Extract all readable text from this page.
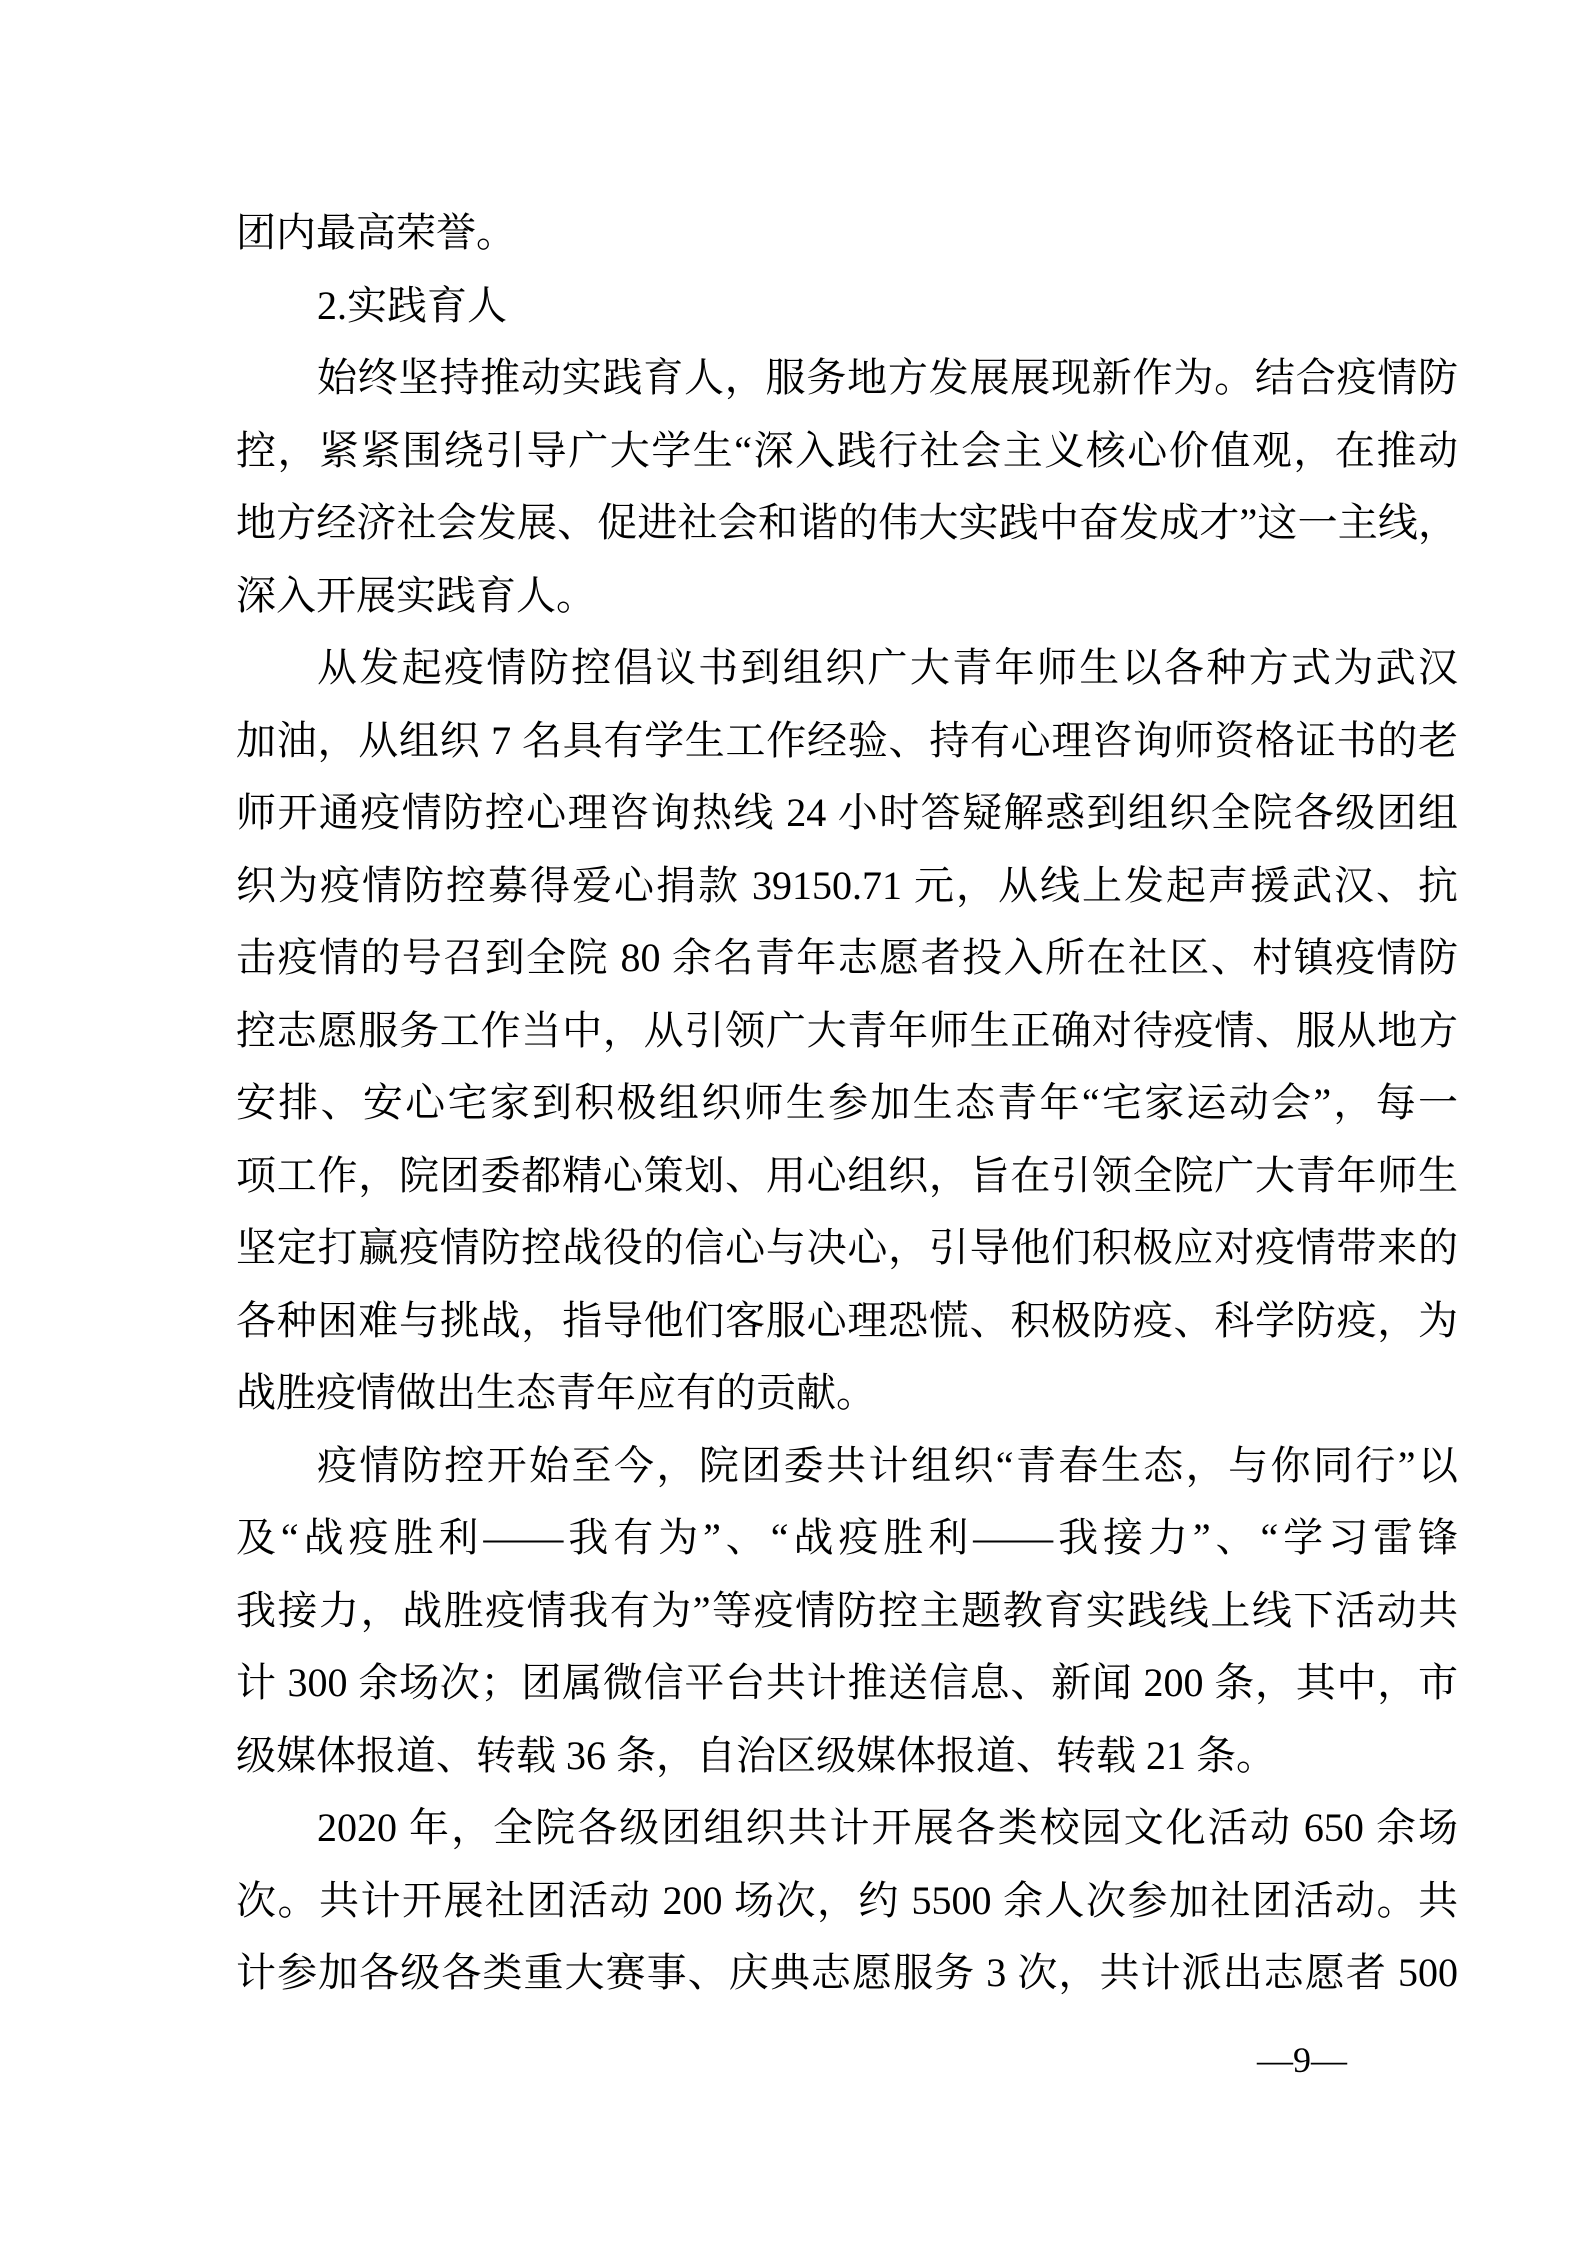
团内最高荣誉。
2.实践育人
始终坚持推动实践育人，服务地方发展展现新作为。结合疫情防
控，紧紧围绕引导广大学生“深入践行社会主义核心价值观，在推动
地方经济社会发展、促进社会和谐的伟大实践中奋发成才”这一主线，
深入开展实践育人。
从发起疫情防控倡议书到组织广大青年师生以各种方式为武汉
加油，从组织 7 名具有学生工作经验、持有心理咨询师资格证书的老
师开通疫情防控心理咨询热线 24 小时答疑解惑到组织全院各级团组
织为疫情防控募得爱心捐款 39150.71 元，从线上发起声援武汉、抗
击疫情的号召到全院 80 余名青年志愿者投入所在社区、村镇疫情防
控志愿服务工作当中，从引领广大青年师生正确对待疫情、服从地方
安排、安心宅家到积极组织师生参加生态青年“宅家运动会”，每一
项工作，院团委都精心策划、用心组织，旨在引领全院广大青年师生
坚定打赢疫情防控战役的信心与决心，引导他们积极应对疫情带来的
各种困难与挑战，指导他们客服心理恐慌、积极防疫、科学防疫，为
战胜疫情做出生态青年应有的贡献。
疫情防控开始至今，院团委共计组织“青春生态，与你同行”以
及“战疫胜利——我有为”、“战疫胜利——我接力”、“学习雷锋
我接力，战胜疫情我有为”等疫情防控主题教育实践线上线下活动共
计 300 余场次；团属微信平台共计推送信息、新闻 200 条，其中，市
级媒体报道、转载 36 条，自治区级媒体报道、转载 21 条。
2020 年，全院各级团组织共计开展各类校园文化活动 650 余场
次。共计开展社团活动 200 场次，约 5500 余人次参加社团活动。共
计参加各级各类重大赛事、庆典志愿服务 3 次，共计派出志愿者 500
—9—
